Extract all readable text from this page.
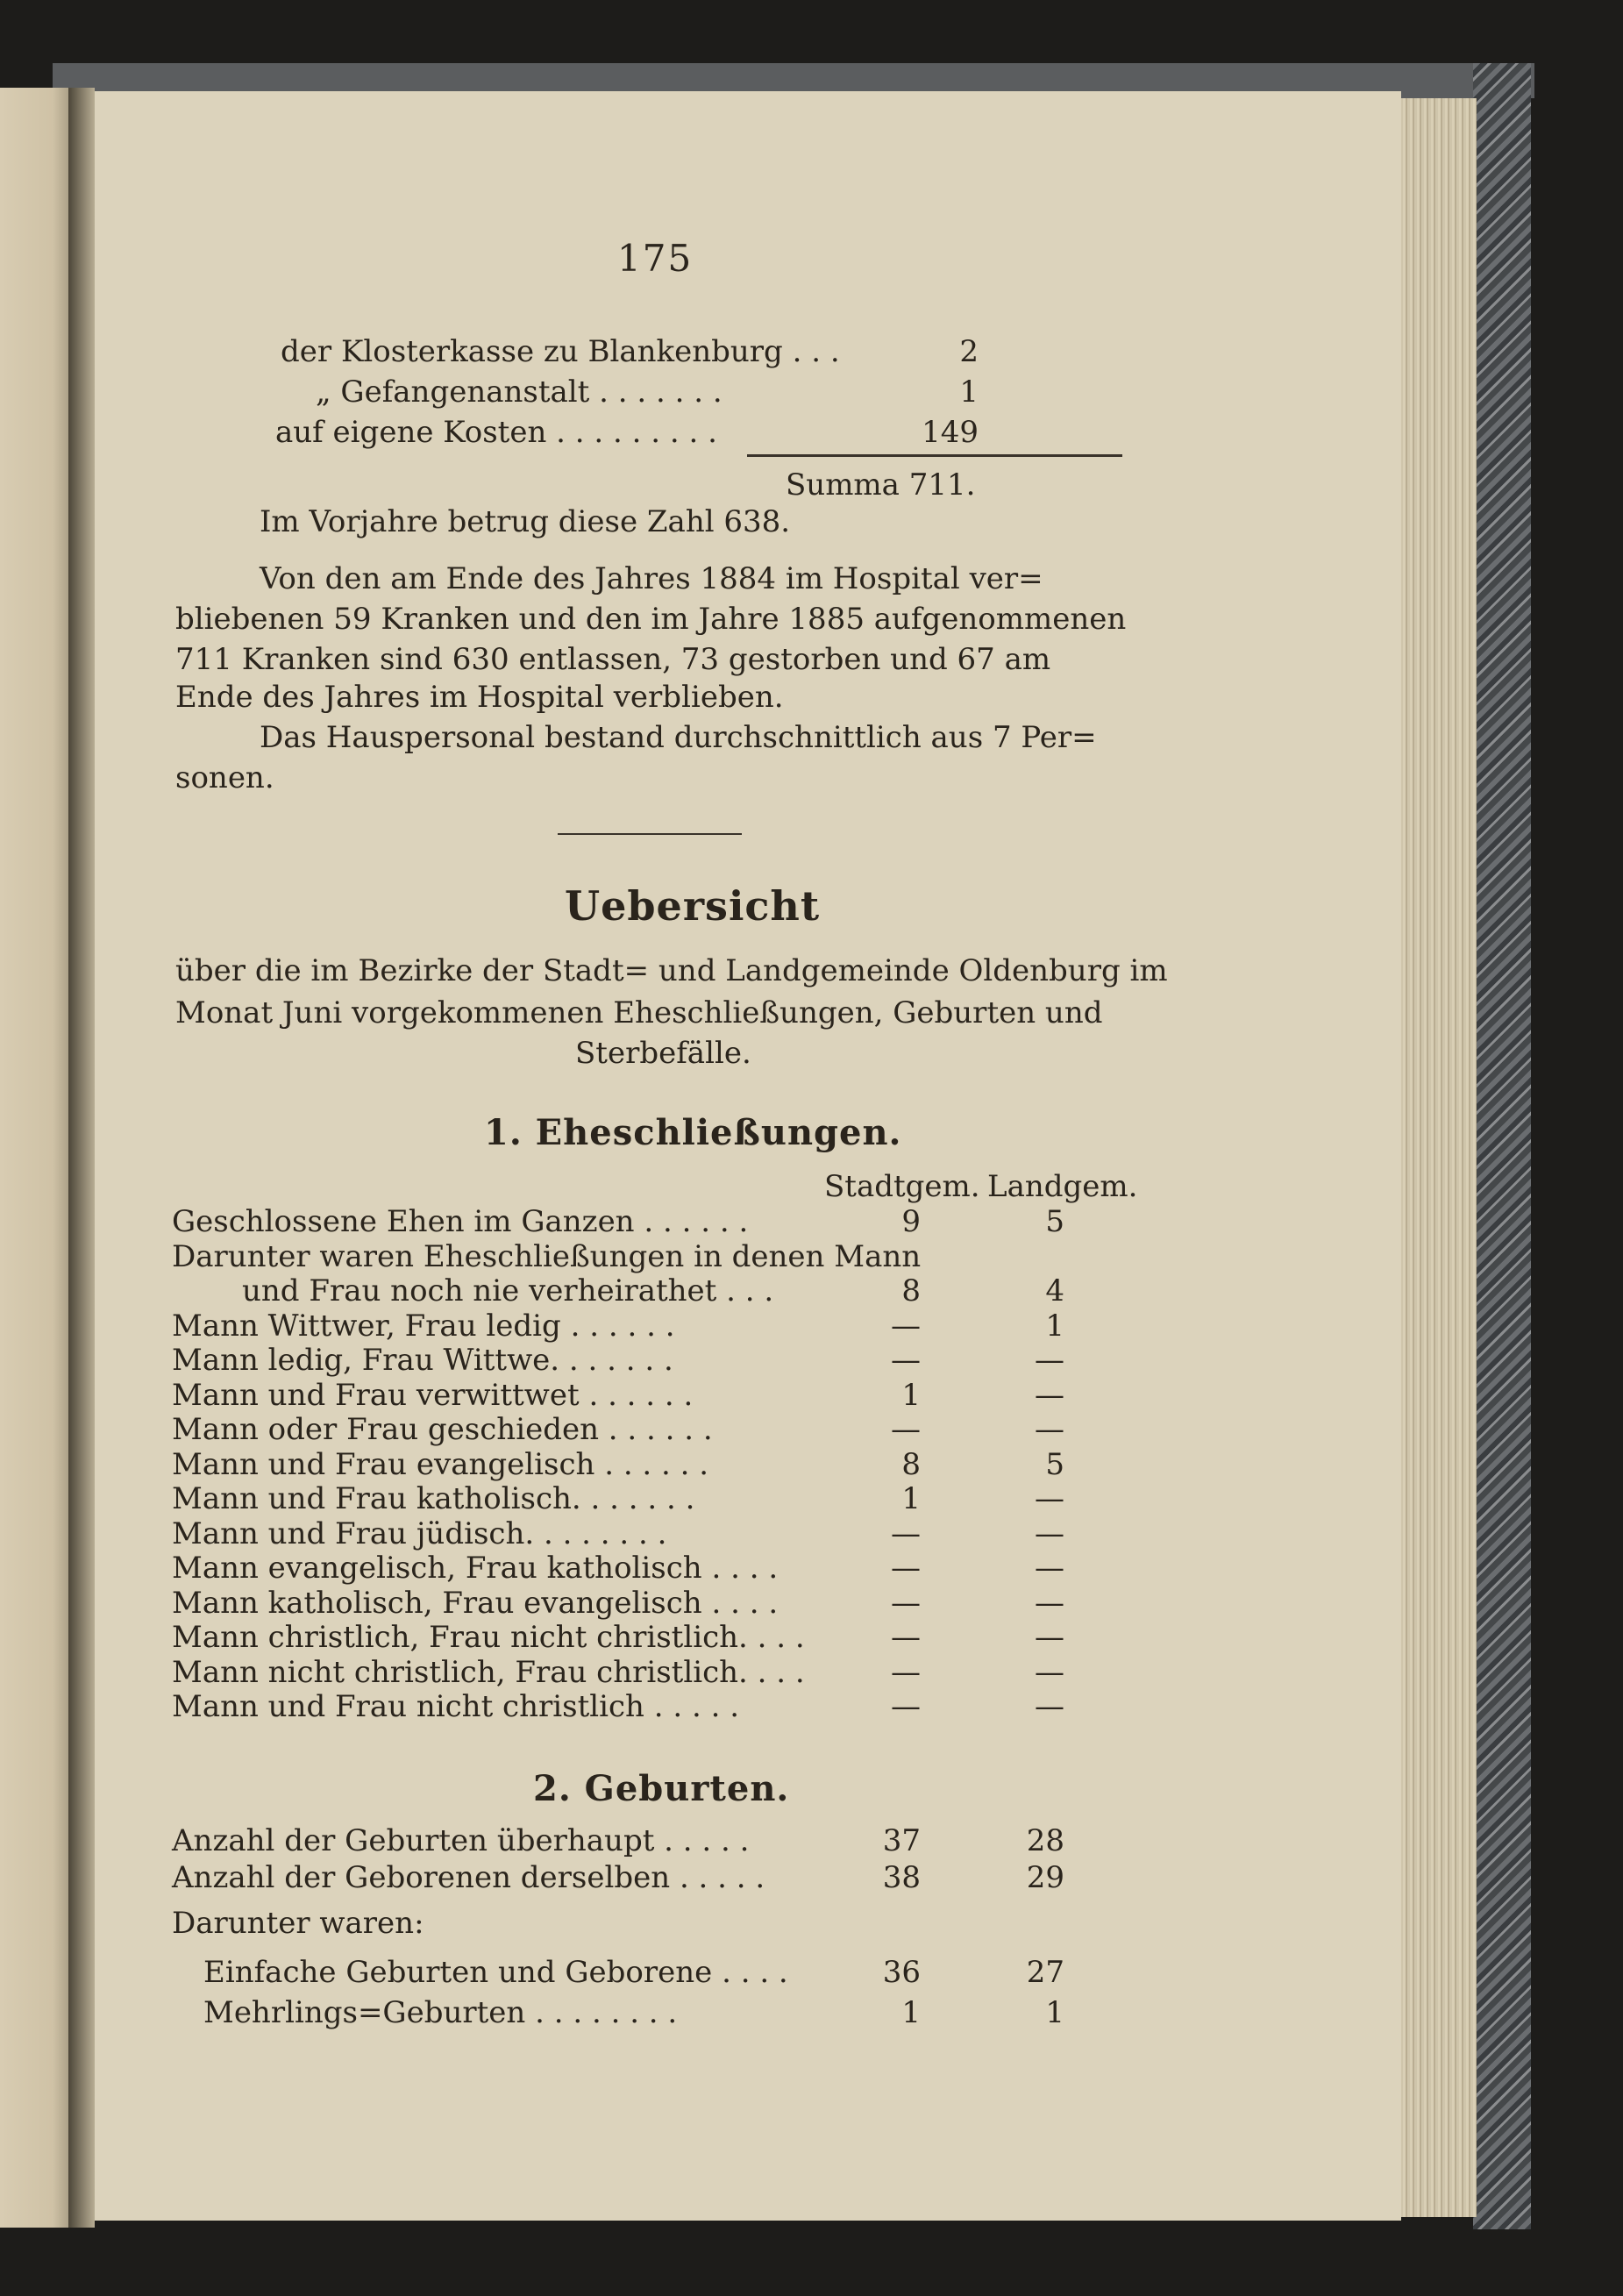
175
der Klosterkasse zu Blankenburg . . .	2
„ Gefangenanstalt . . . . . . .	1
auf eigene Kosten . . . . . . . . .	149
Summa 711.
Im Vorjahre betrug diese Zahl 638.
Von den am Ende des Jahres 1884 im Hospital ver=
bliebenen 59 Kranken und den im Jahre 1885 aufgenommenen
711 Kranken sind 630 entlassen, 73 gestorben und 67 am
Ende des Jahres im Hospital verblieben.
Das Hauspersonal bestand durchschnittlich aus 7 Per=
sonen.
Uebersicht
über die im Bezirke der Stadt= und Landgemeinde Oldenburg im
Monat Juni vorgekommenen Eheschließungen, Geburten und
Sterbefälle.
1. Eheschließungen.
Stadtgem. Landgem.
Geschlossene Ehen im Ganzen . . . . . .	9	5
Darunter waren Eheschließungen in denen Mann
und Frau noch nie verheirathet . . .	8	4
Mann Wittwer, Frau ledig . . . . . .	—	1
Mann ledig, Frau Wittwe. . . . . . .	—	—
Mann und Frau verwittwet . . . . . .	1	—
Mann oder Frau geschieden . . . . . .	—	—
Mann und Frau evangelisch . . . . . .	8	5
Mann und Frau katholisch. . . . . . .	1	—
Mann und Frau jüdisch. . . . . . . .	—	—
Mann evangelisch, Frau katholisch . . . .	—	—
Mann katholisch, Frau evangelisch . . . .	—	—
Mann christlich, Frau nicht christlich. . . .	—	—
Mann nicht christlich, Frau christlich. . . .	—	—
Mann und Frau nicht christlich . . . . .	—	—
2. Geburten.
Anzahl der Geburten überhaupt . . . . .	37	28
Anzahl der Geborenen derselben . . . . .	38	29
Darunter waren:
Einfache Geburten und Geborene . . . .	36	27
Mehrlings=Geburten . . . . . . . .	1	1
